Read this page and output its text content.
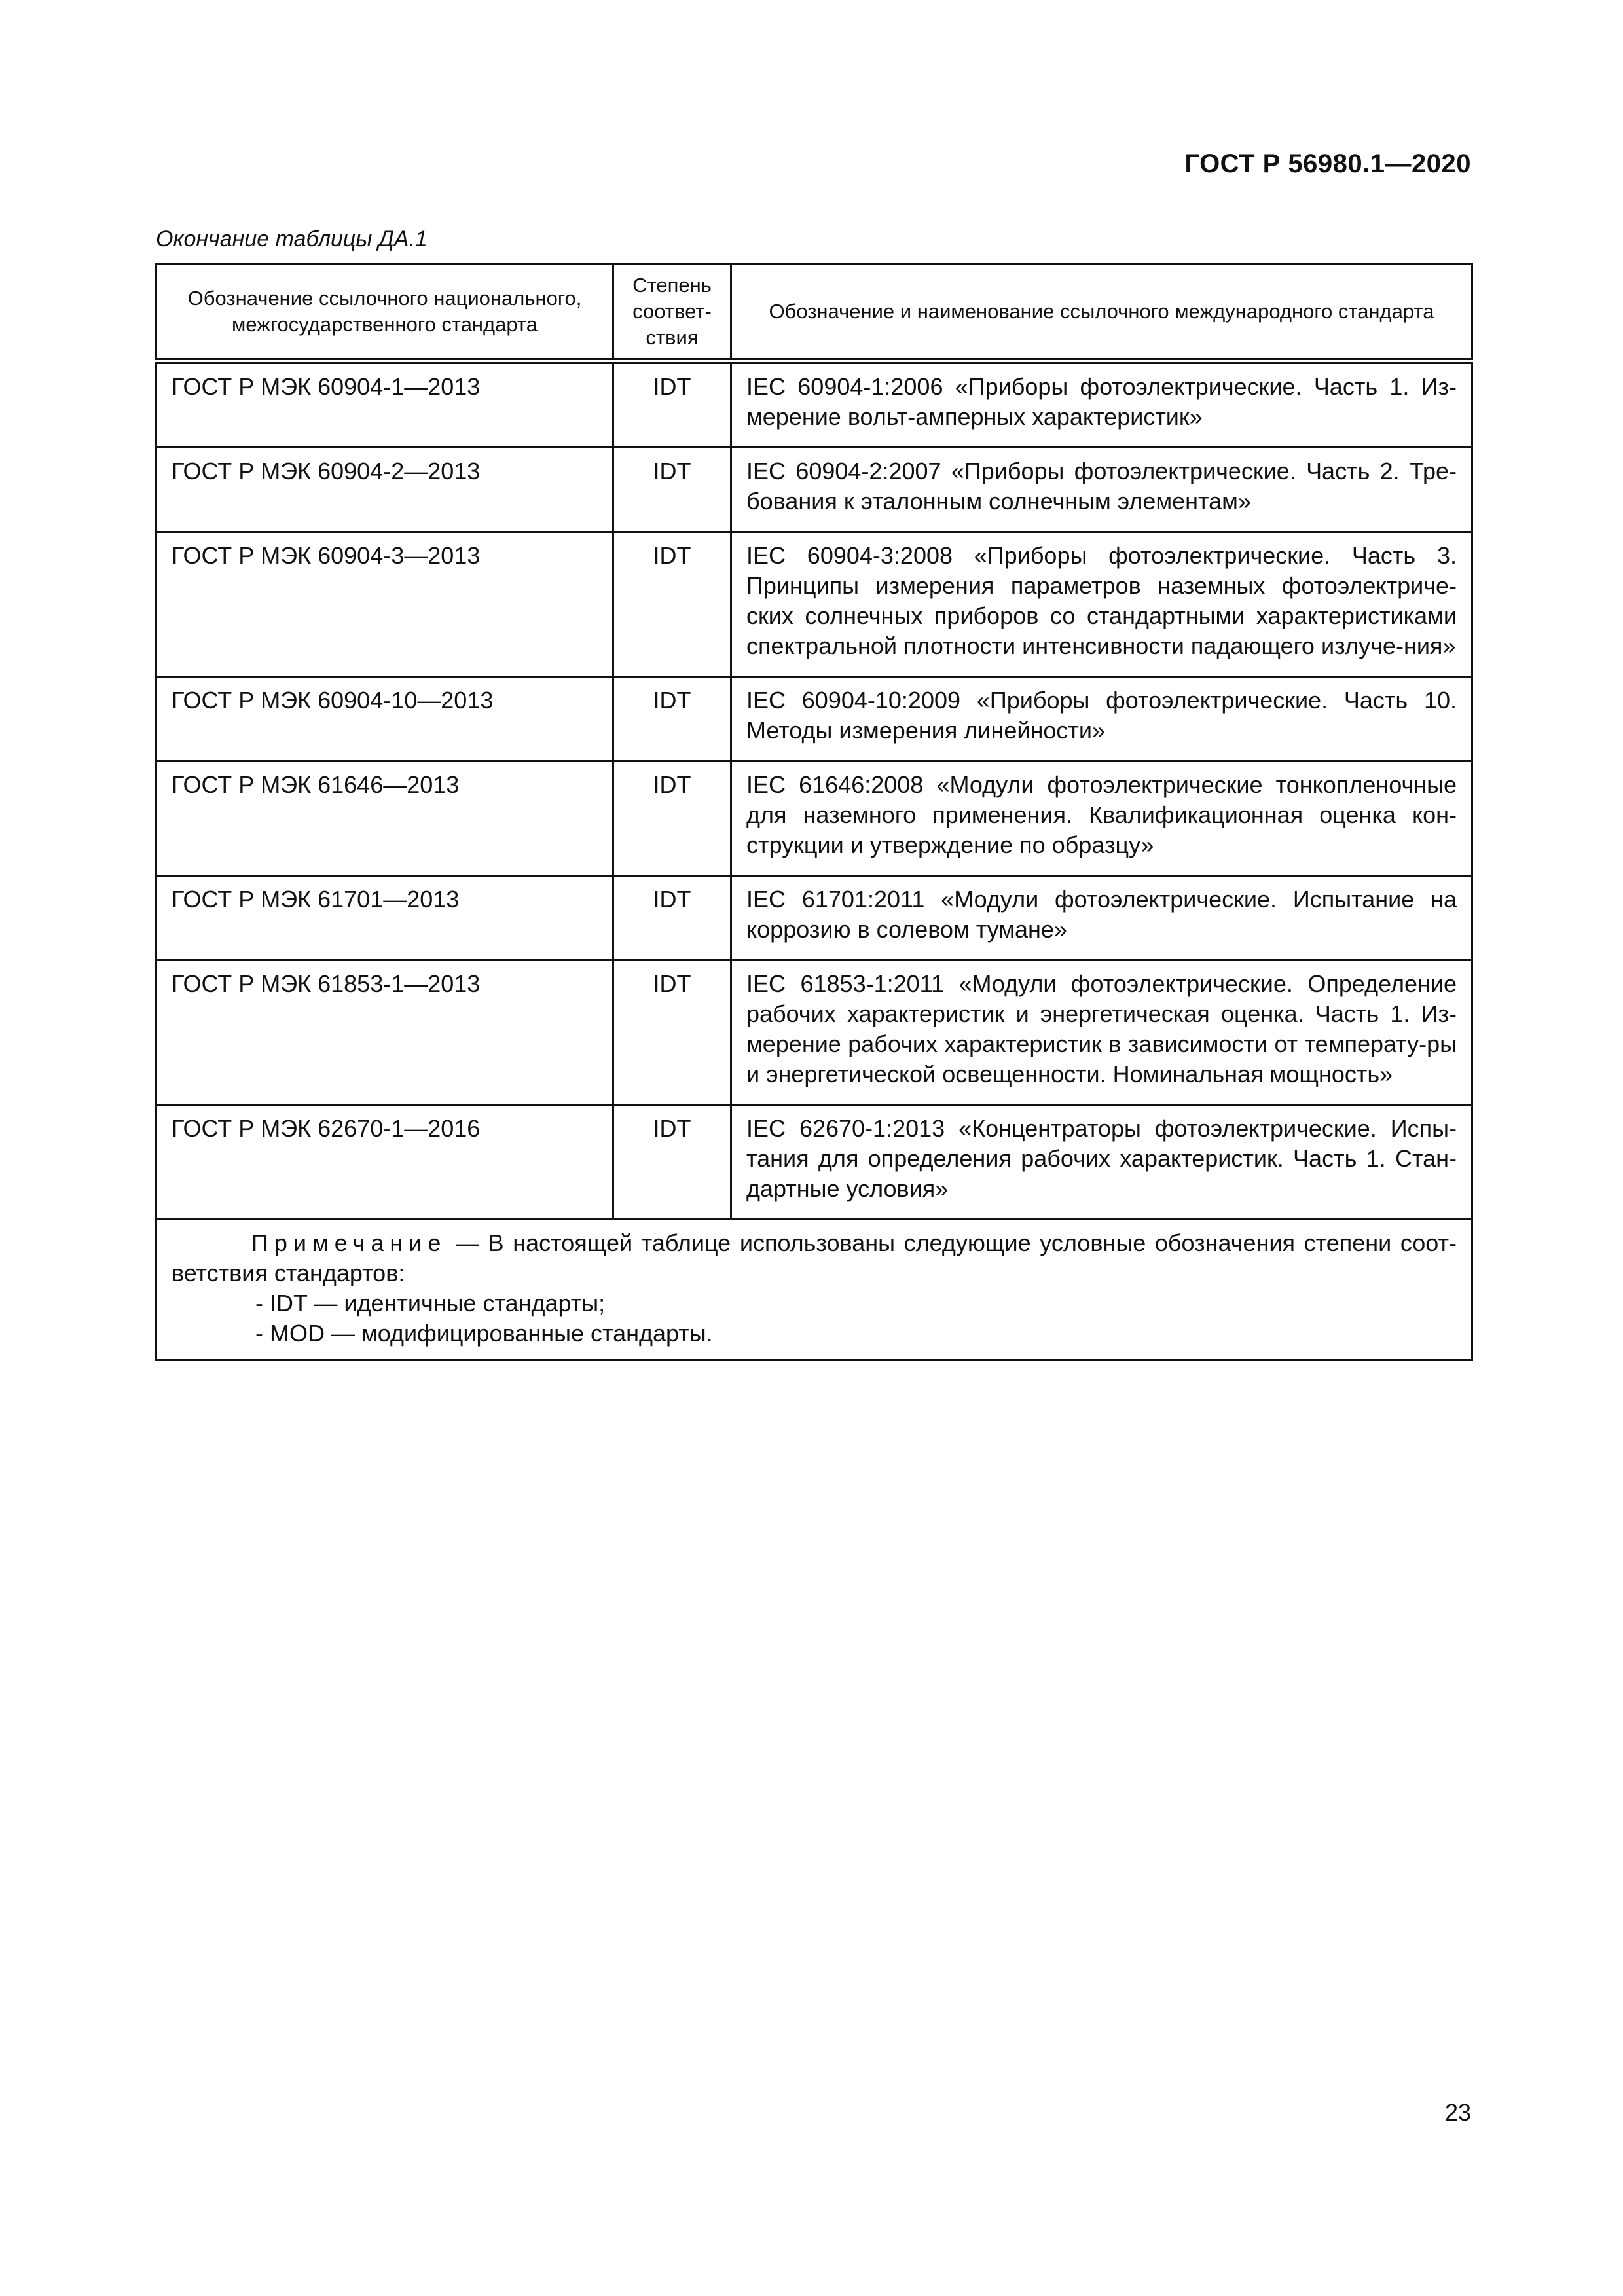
ГОСТ Р 56980.1—2020
Окончание таблицы ДА.1
Обозначение ссылочного национального, межгосударственного стандарта	Степень соответ-ствия	Обозначение и наименование ссылочного международного стандарта
ГОСТ Р МЭК 60904-1—2013	IDT	IEC 60904-1:2006 «Приборы фотоэлектрические. Часть 1. Из-мерение вольт-амперных характеристик»
ГОСТ Р МЭК 60904-2—2013	IDT	IEC 60904-2:2007 «Приборы фотоэлектрические. Часть 2. Тре-бования к эталонным солнечным элементам»
ГОСТ Р МЭК 60904-3—2013	IDT	IEC 60904-3:2008 «Приборы фотоэлектрические. Часть 3. Принципы измерения параметров наземных фотоэлектриче-ских солнечных приборов со стандартными характеристиками спектральной плотности интенсивности падающего излуче-ния»
ГОСТ Р МЭК 60904-10—2013	IDT	IEC 60904-10:2009 «Приборы фотоэлектрические. Часть 10. Методы измерения линейности»
ГОСТ Р МЭК 61646—2013	IDT	IEC 61646:2008 «Модули фотоэлектрические тонкопленочные для наземного применения. Квалификационная оценка кон-струкции и утверждение по образцу»
ГОСТ Р МЭК 61701—2013	IDT	IEC 61701:2011 «Модули фотоэлектрические. Испытание на коррозию в солевом тумане»
ГОСТ Р МЭК 61853-1—2013	IDT	IEC 61853-1:2011 «Модули фотоэлектрические. Определение рабочих характеристик и энергетическая оценка. Часть 1. Из-мерение рабочих характеристик в зависимости от температу-ры и энергетической освещенности. Номинальная мощность»
ГОСТ Р МЭК 62670-1—2016	IDT	IEC 62670-1:2013 «Концентраторы фотоэлектрические. Испы-тания для определения рабочих характеристик. Часть 1. Стан-дартные условия»

Примечание — В настоящей таблице использованы следующие условные обозначения степени соот-ветствия стандартов:
- IDT — идентичные стандарты;
- MOD — модифицированные стандарты.		
23
